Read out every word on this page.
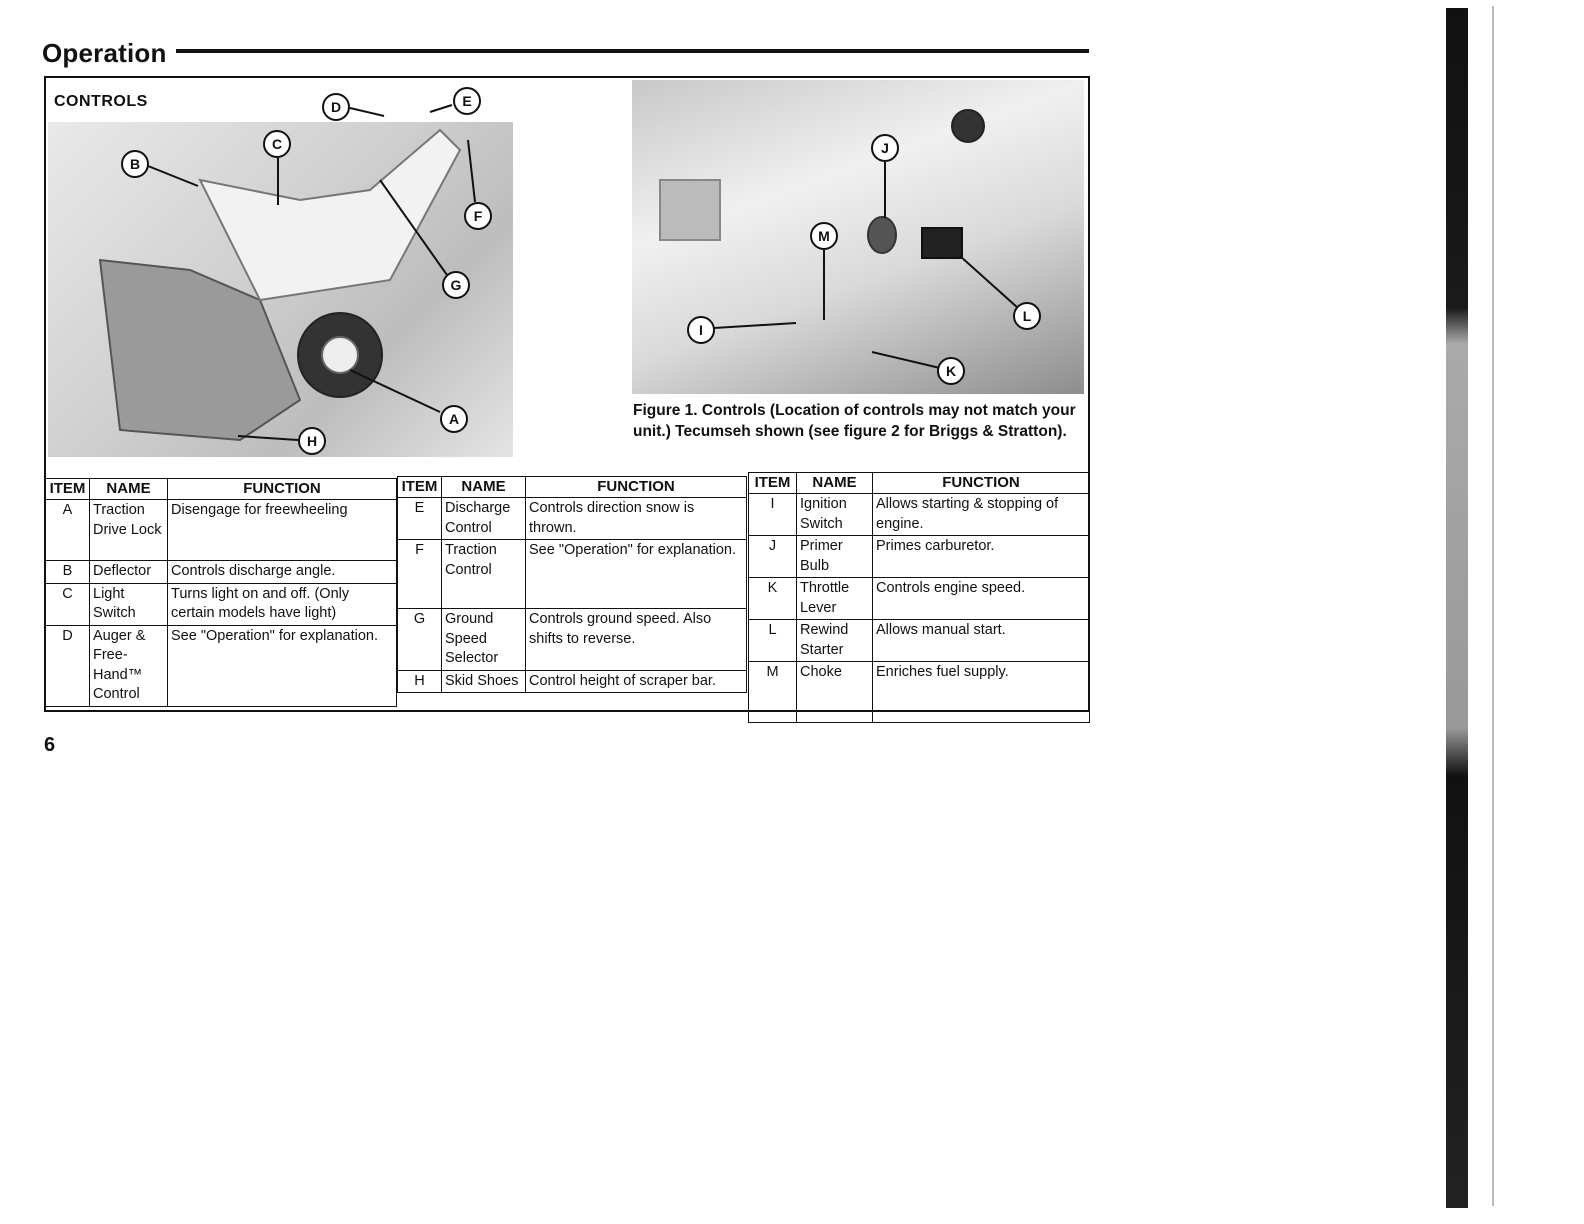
Operation
CONTROLS
A
B
C
D	E
F
G
H
I
J
K
L
M
Figure 1. Controls (Location of controls may not match your unit.) Tecumseh shown (see figure 2 for Briggs & Stratton).
ITEM	NAME	FUNCTION
A	Traction Drive Lock	Disengage for freewheeling
B	Deflector	Controls discharge angle.
C	Light Switch	Turns light on and off. (Only certain models have light)
D	Auger & Free-Hand™ Control	See "Operation" for explanation.
ITEM	NAME	FUNCTION
E	Discharge Control	Controls direction snow is thrown.
F	Traction Control	See "Operation" for explanation.
G	Ground Speed Selector	Controls ground speed. Also shifts to reverse.
H	Skid Shoes	Control height of scraper bar.
ITEM	NAME	FUNCTION
I	Ignition Switch	Allows starting & stopping of engine.
J	Primer Bulb	Primes carburetor.
K	Throttle Lever	Controls engine speed.
L	Rewind Starter	Allows manual start.
M	Choke	Enriches fuel supply.
6
